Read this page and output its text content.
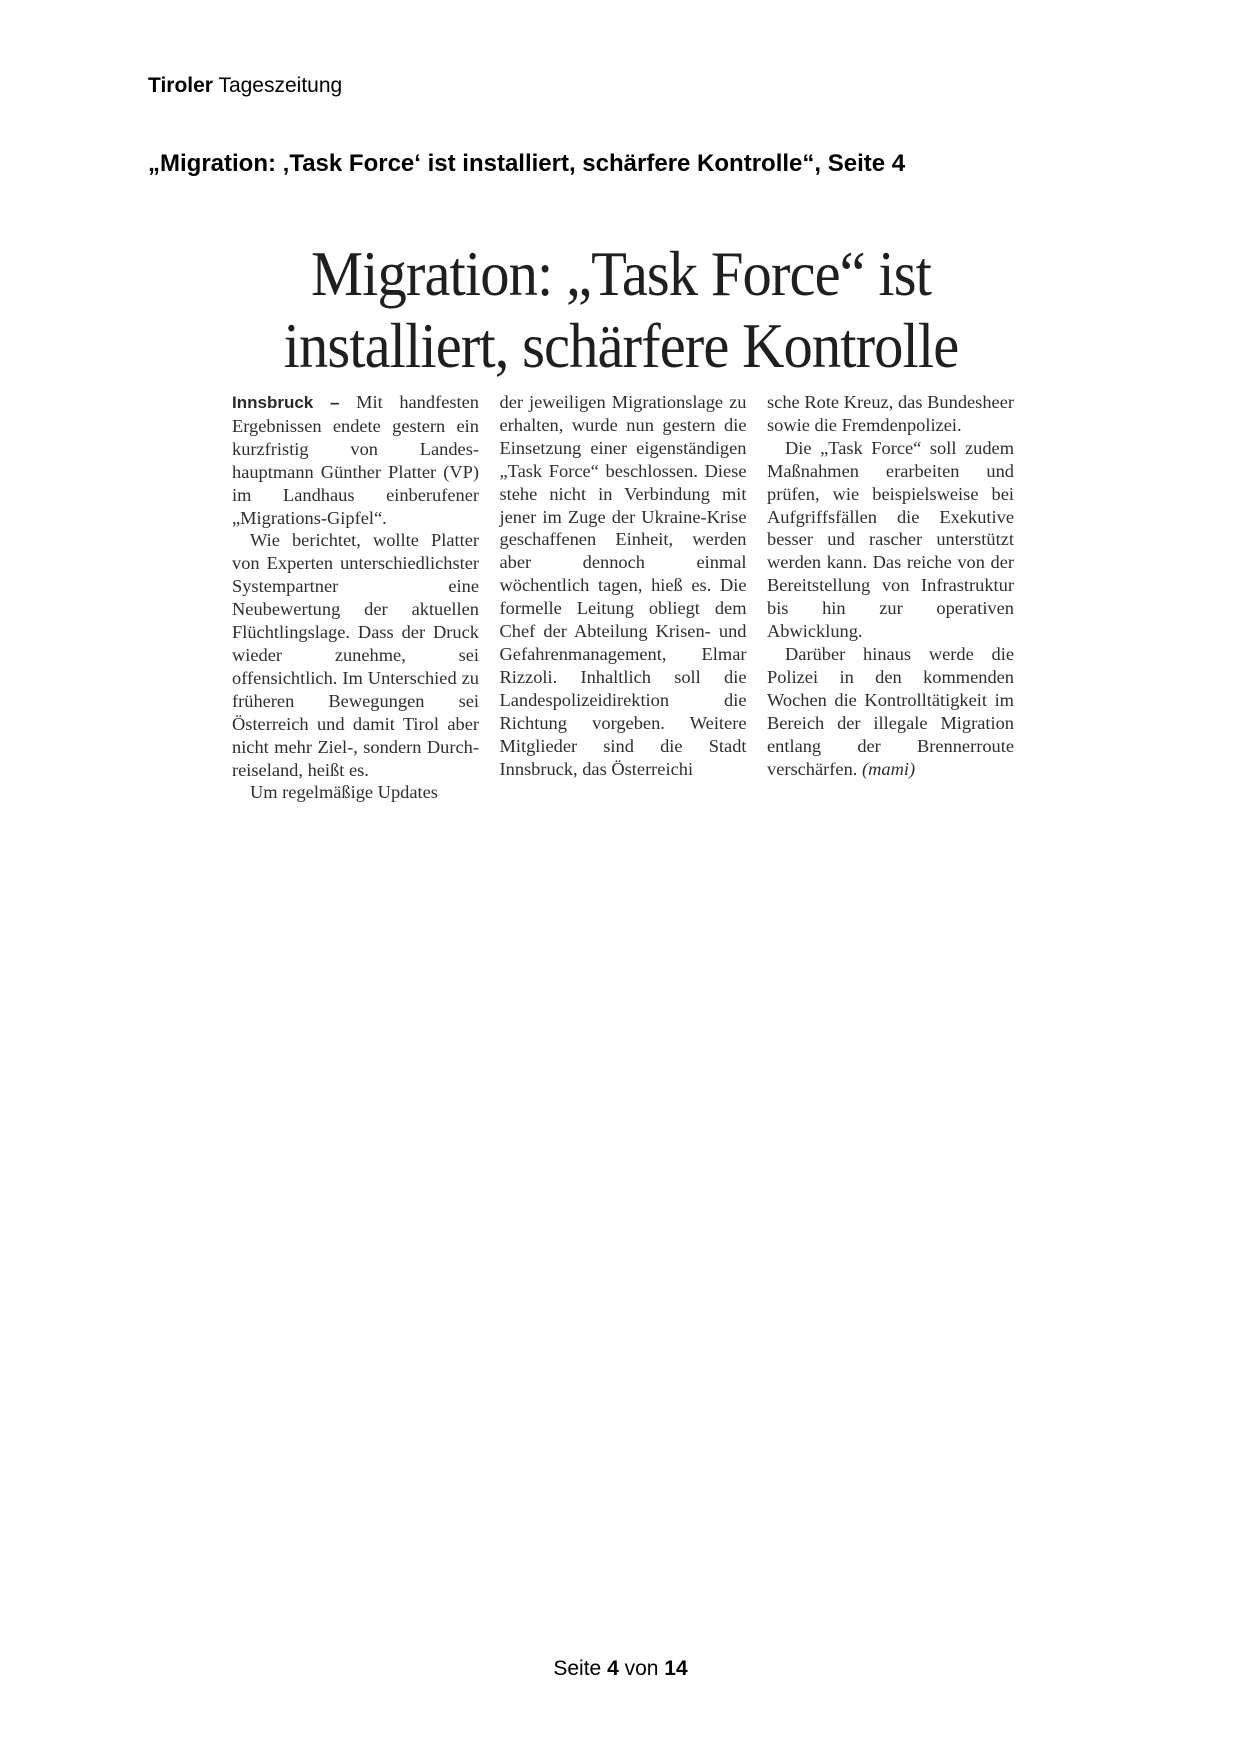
Tiroler Tageszeitung
„Migration: ‚Task Force‘ ist installiert, schärfere Kontrolle“, Seite 4
Migration: „Task Force“ ist
installiert, schärfere Kontrolle

Innsbruck – Mit handfesten Ergebnissen endete gestern ein kurzfristig von Landeshauptmann Günther Platter (VP) im Landhaus einberufener „Migrations-Gipfel“.

Wie berichtet, wollte Platter von Experten unterschiedlichster Systempartner eine Neubewertung der aktuellen Flüchtlingslage. Dass der Druck wieder zunehme, sei offensichtlich. Im Unterschied zu früheren Bewegungen sei Österreich und damit Tirol aber nicht mehr Ziel-, sondern Durchreiseland, heißt es.

Um regelmäßige Updates

der jeweiligen Migrationslage zu erhalten, wurde nun gestern die Einsetzung einer eigenständigen „Task Force“ beschlossen. Diese stehe nicht in Verbindung mit jener im Zuge der Ukraine-Krise geschaffenen Einheit, werden aber dennoch einmal wöchentlich tagen, hieß es. Die formelle Leitung obliegt dem Chef der Abteilung Krisen- und Gefahrenmanagement, Elmar Rizzoli. Inhaltlich soll die Landespolizeidirektion die Richtung vorgeben. Weitere Mitglieder sind die Stadt Innsbruck, das Österreichi

sche Rote Kreuz, das Bundesheer sowie die Fremdenpolizei.

Die „Task Force“ soll zudem Maßnahmen erarbeiten und prüfen, wie beispielsweise bei Aufgriffsfällen die Exekutive besser und rascher unterstützt werden kann. Das reiche von der Bereitstellung von Infrastruktur bis hin zur operativen Abwicklung.

Darüber hinaus werde die Polizei in den kommenden Wochen die Kontrolltätigkeit im Bereich der illegale Migration entlang der Brennerroute verschärfen. (mami)

Seite 4 von 14
